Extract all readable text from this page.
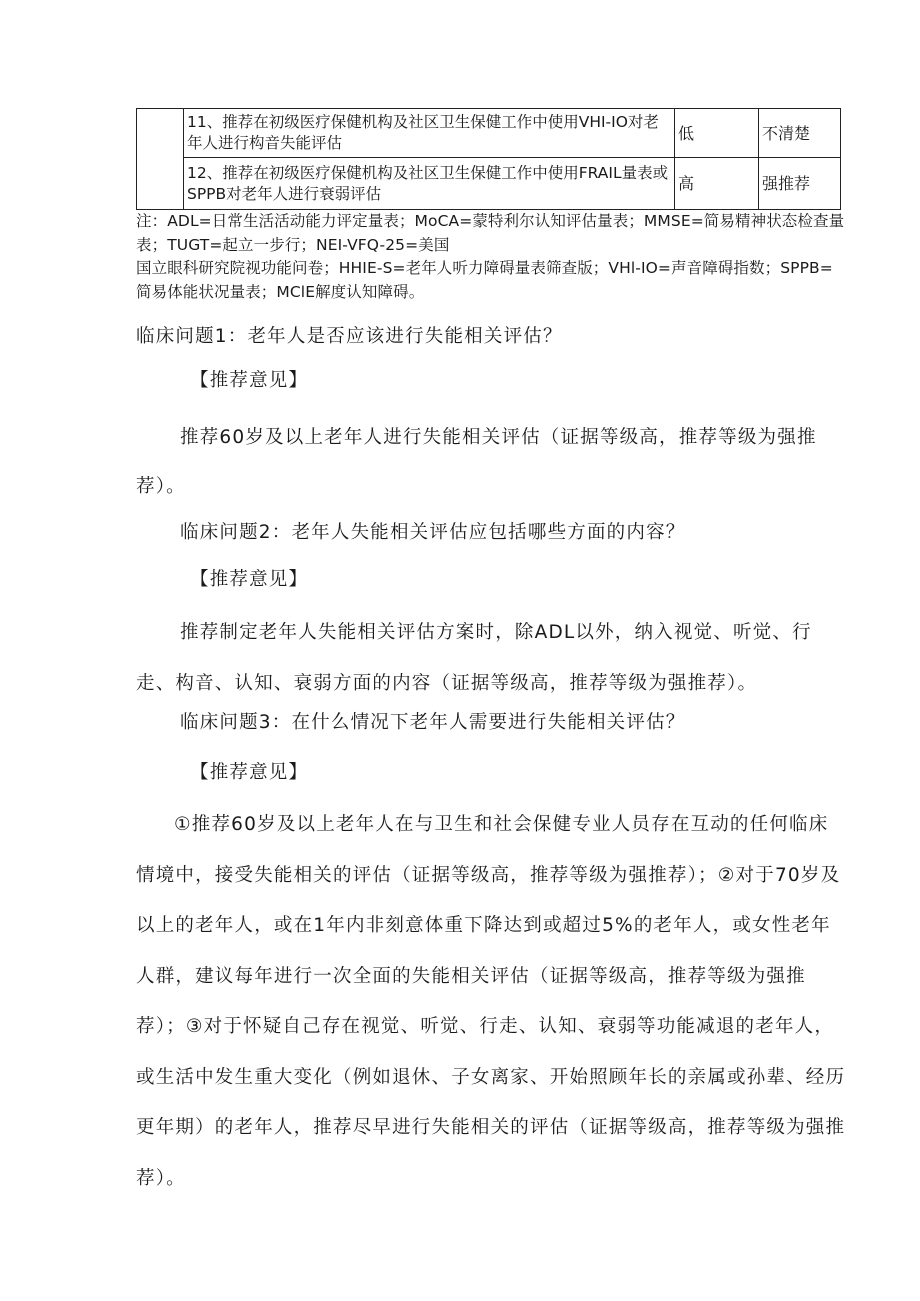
	11、推荐在初级医疗保健机构及社区卫生保健工作中使用VHI-IO对老年人进行构音失能评估	低	不清楚
	12、推荐在初级医疗保健机构及社区卫生保健工作中使用FRAIL量表或SPPB对老年人进行衰弱评估	高	强推荐

注：ADL=日常生活活动能力评定量表；MoCA=蒙特利尔认知评估量表；MMSE=简易精神状态检查量表；TUGT=起立一步行；NEI-VFQ-25=美国

国立眼科研究院视功能问卷；HHIE-S=老年人听力障碍量表筛查版；VHl-IO=声音障碍指数；SPPB=简易体能状况量表；MClE解度认知障碍。

临床问题1：老年人是否应该进行失能相关评估？
【推荐意见】

推荐60岁及以上老年人进行失能相关评估（证据等级高，推荐等级为强推荐）。

临床问题2：老年人失能相关评估应包括哪些方面的内容？
【推荐意见】

推荐制定老年人失能相关评估方案时，除ADL以外，纳入视觉、听觉、行走、构音、认知、衰弱方面的内容（证据等级高，推荐等级为强推荐）。

临床问题3：在什么情况下老年人需要进行失能相关评估？
【推荐意见】

①推荐60岁及以上老年人在与卫生和社会保健专业人员存在互动的任何临床情境中，接受失能相关的评估（证据等级高，推荐等级为强推荐）；②对于70岁及以上的老年人，或在1年内非刻意体重下降达到或超过5%的老年人，或女性老年人群，建议每年进行一次全面的失能相关评估（证据等级高，推荐等级为强推荐）；③对于怀疑自己存在视觉、听觉、行走、认知、衰弱等功能减退的老年人，或生活中发生重大变化（例如退休、子女离家、开始照顾年长的亲属或孙辈、经历更年期）的老年人，推荐尽早进行失能相关的评估（证据等级高，推荐等级为强推荐）。
